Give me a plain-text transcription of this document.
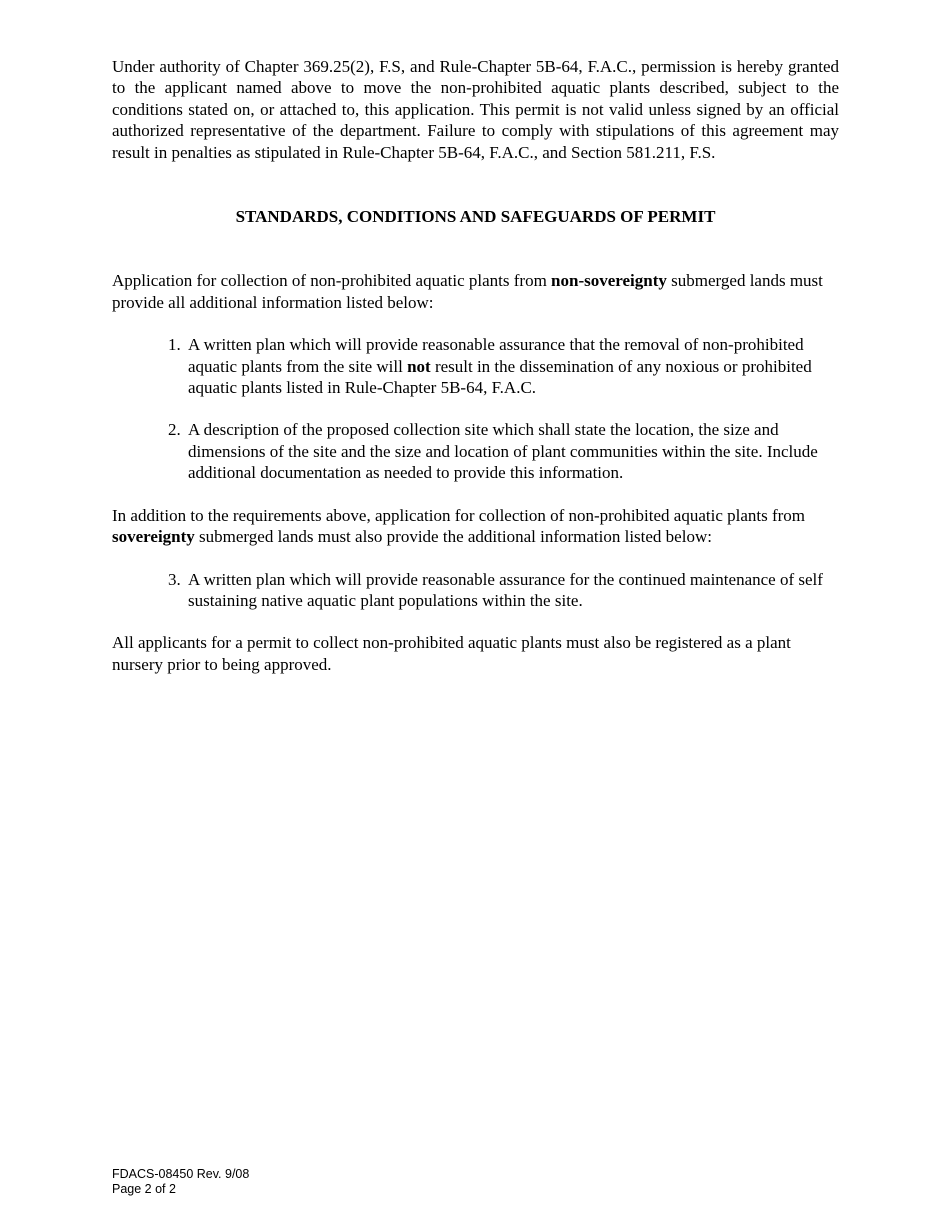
Under authority of Chapter 369.25(2), F.S, and Rule-Chapter 5B-64, F.A.C., permission is hereby granted to the applicant named above to move the non-prohibited aquatic plants described, subject to the conditions stated on, or attached to, this application. This permit is not valid unless signed by an official authorized representative of the department. Failure to comply with stipulations of this agreement may result in penalties as stipulated in Rule-Chapter 5B-64, F.A.C., and Section 581.211, F.S.

STANDARDS, CONDITIONS AND SAFEGUARDS OF PERMIT

Application for collection of non-prohibited aquatic plants from non-sovereignty submerged lands must provide all additional information listed below:

1. A written plan which will provide reasonable assurance that the removal of non-prohibited aquatic plants from the site will not result in the dissemination of any noxious or prohibited aquatic plants listed in Rule-Chapter 5B-64, F.A.C.
2. A description of the proposed collection site which shall state the location, the size and dimensions of the site and the size and location of plant communities within the site. Include additional documentation as needed to provide this information.

In addition to the requirements above, application for collection of non-prohibited aquatic plants from sovereignty submerged lands must also provide the additional information listed below:

3. A written plan which will provide reasonable assurance for the continued maintenance of self sustaining native aquatic plant populations within the site.

All applicants for a permit to collect non-prohibited aquatic plants must also be registered as a plant nursery prior to being approved.

FDACS-08450 Rev. 9/08
Page 2 of 2
